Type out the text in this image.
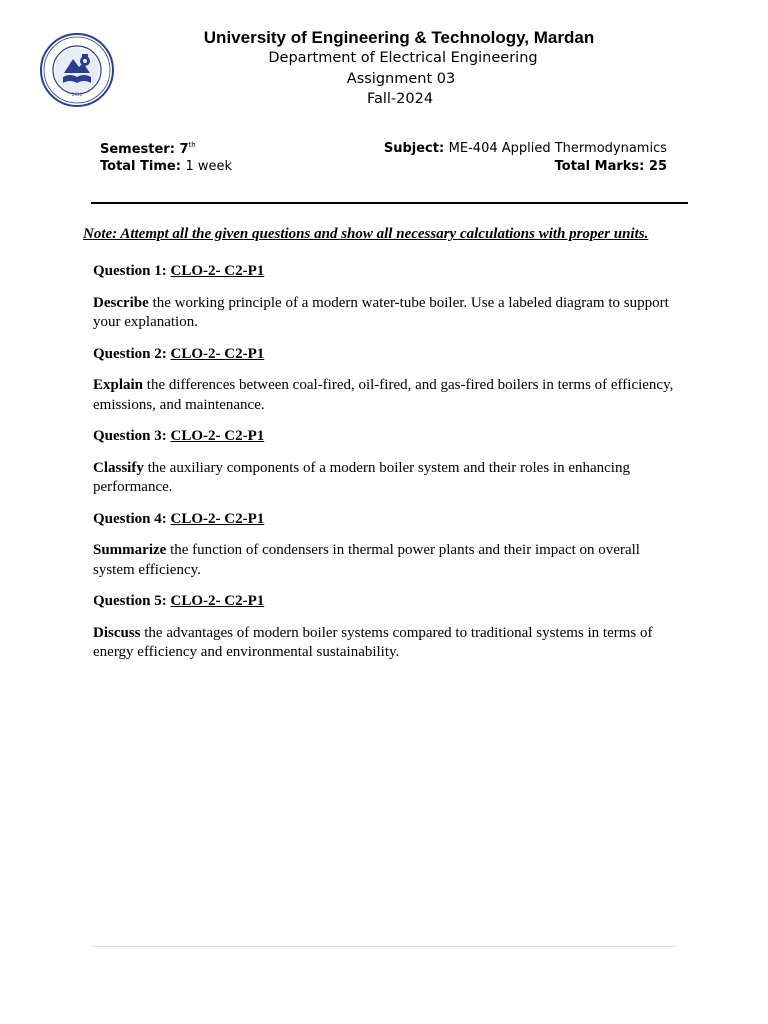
2016
University of Engineering & Technology, Mardan
Department of Electrical Engineering
Assignment 03
Fall-2024
Semester: 7th
Total Time: 1 week
Subject: ME-404 Applied Thermodynamics
Total Marks: 25
Note: Attempt all the given questions and show all necessary calculations with proper units.

Question 1: CLO-2- C2-P1

Describe the working principle of a modern water-tube boiler. Use a labeled diagram to support your explanation.

Question 2: CLO-2- C2-P1

Explain the differences between coal-fired, oil-fired, and gas-fired boilers in terms of efficiency, emissions, and maintenance.

Question 3: CLO-2- C2-P1

Classify the auxiliary components of a modern boiler system and their roles in enhancing performance.

Question 4: CLO-2- C2-P1

Summarize the function of condensers in thermal power plants and their impact on overall system efficiency.

Question 5: CLO-2- C2-P1

Discuss the advantages of modern boiler systems compared to traditional systems in terms of energy efficiency and environmental sustainability.
